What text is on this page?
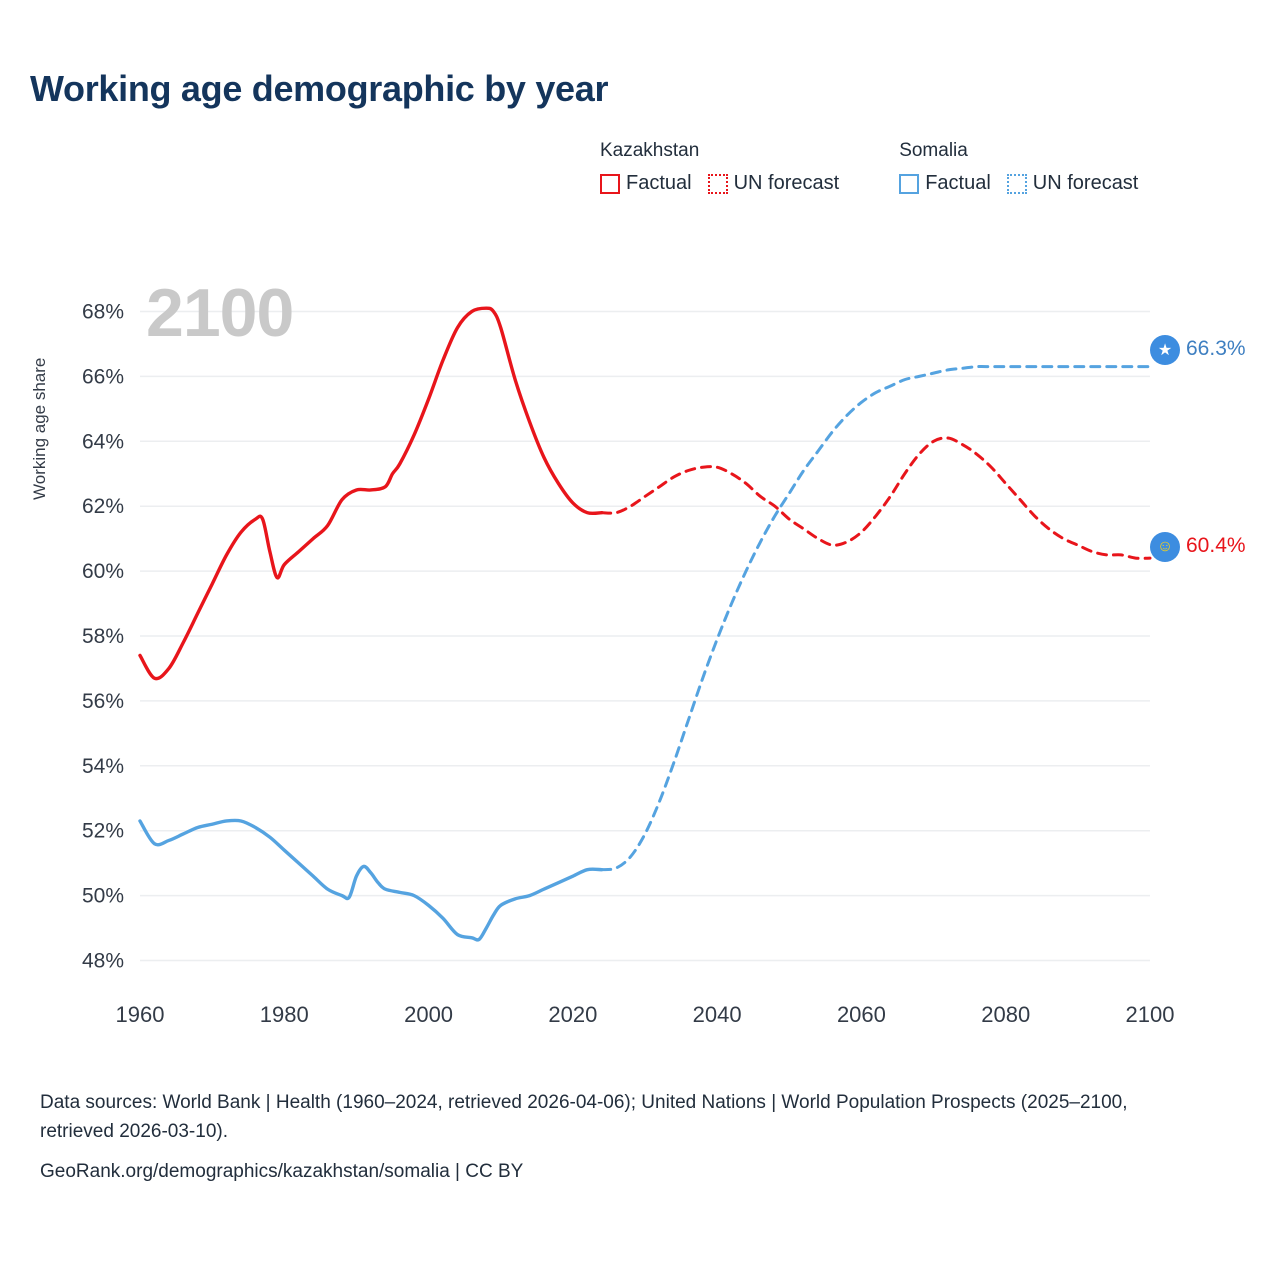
Working age demographic by year
Kazakhstan
Factual UN forecast
Somalia
Factual UN forecast
48%
50%
52%
54%
56%
58%
60%
62%
64%
66%
68%
1960	1980	2000	2020	2040	2060	2080	2100
Working age share
2100	★
☺
66.3%
60.4%
Data sources: World Bank | Health (1960–2024, retrieved 2026-04-06); United Nations | World Population Prospects (2025–2100, retrieved 2026-03-10).
GeoRank.org/demographics/kazakhstan/somalia | CC BY
